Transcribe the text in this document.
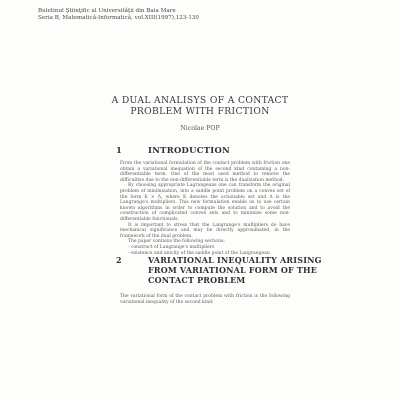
Buletinul Ştiinţific al Universităţii din Baia Mare
Seria B, Matematică-Informatică, vol.XIII(1997),123-130
A DUAL ANALISYS OF A CONTACT
PROBLEM WITH FRICTION
Nicolae POP
1	INTRODUCTION

From the variational formulation of the contact problem with friction one obtain a variational inequation of the second kind containing a non-differentiable term. One of the most used method to remove the difficulties due to the non-differentiable term is the dualization method.

By choosing appropriate Lagrangeans one can transform the original problem of minimization, into a saddle point problem on a convex set of the form K × Λ, where K denotes the actionable set and Λ is the Langrange's multipliers. This new formulation enable us to use certain known algorithms in order to compute the solution and to avoid the construction of complicated convex sets and to minimize some non-differentiable functionals.

It is important to stress that the Langrange's multipliers do have mechanical significance and may be directly approximated, in the framework of the dual problem.

The paper contains the following sections:

- construct of Langrange's multipliers

- existence and unicity of the saddle point of the Langrangean

2	VARIATIONAL INEQUALITY ARISING FROM VARIATIONAL FORM OF THE CONTACT PROBLEM

The variational form of the contact problem with friction is the following variational inequality of the second kind:
